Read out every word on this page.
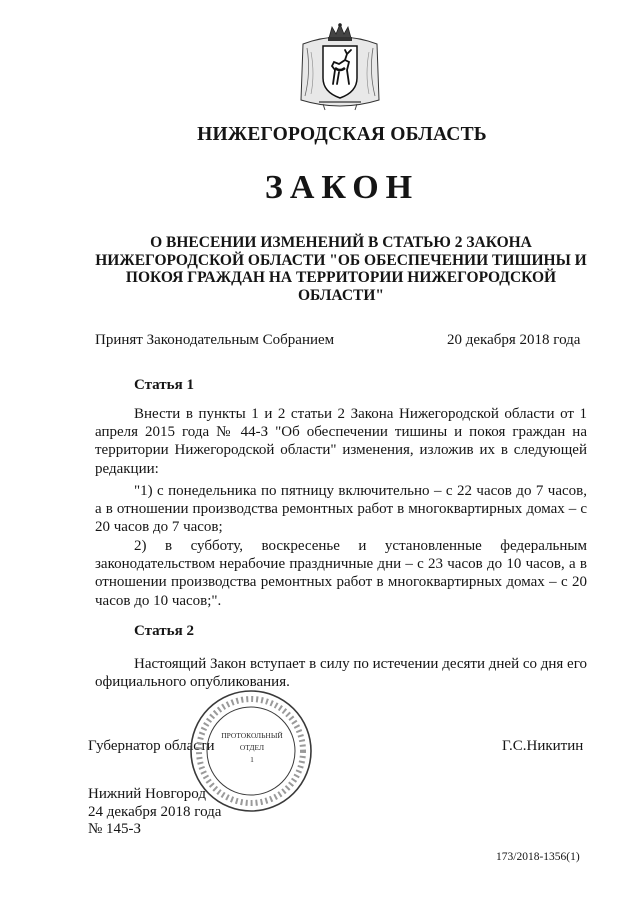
НИЖЕГОРОДСКАЯ ОБЛАСТЬ
ЗАКОН
О ВНЕСЕНИИ ИЗМЕНЕНИЙ В СТАТЬЮ 2 ЗАКОНА НИЖЕГОРОДСКОЙ ОБЛАСТИ "ОБ ОБЕСПЕЧЕНИИ ТИШИНЫ И ПОКОЯ ГРАЖДАН НА ТЕРРИТОРИИ НИЖЕГОРОДСКОЙ ОБЛАСТИ"
Принят Законодательным Собранием	20 декабря 2018 года
Статья 1
Внести в пункты 1 и 2 статьи 2 Закона Нижегородской области от 1 апреля 2015 года № 44-З "Об обеспечении тишины и покоя граждан на территории Нижегородской области" изменения, изложив их в следующей редакции:
"1) с понедельника по пятницу включительно – с 22 часов до 7 часов, а в отношении производства ремонтных работ в многоквартирных домах – с 20 часов до 7 часов;
2) в субботу, воскресенье и установленные федеральным законодательством нерабочие праздничные дни – с 23 часов до 10 часов, а в отношении производства ремонтных работ в многоквартирных домах – с 20 часов до 10 часов;".
Статья 2
Настоящий Закон вступает в силу по истечении десяти дней со дня его официального опубликования.
Губернатор области	Г.С.Никитин
ПРОТОКОЛЬНЫЙ
ОТДЕЛ
1
Нижний Новгород
24 декабря 2018 года
№ 145-З
173/2018-1356(1)
